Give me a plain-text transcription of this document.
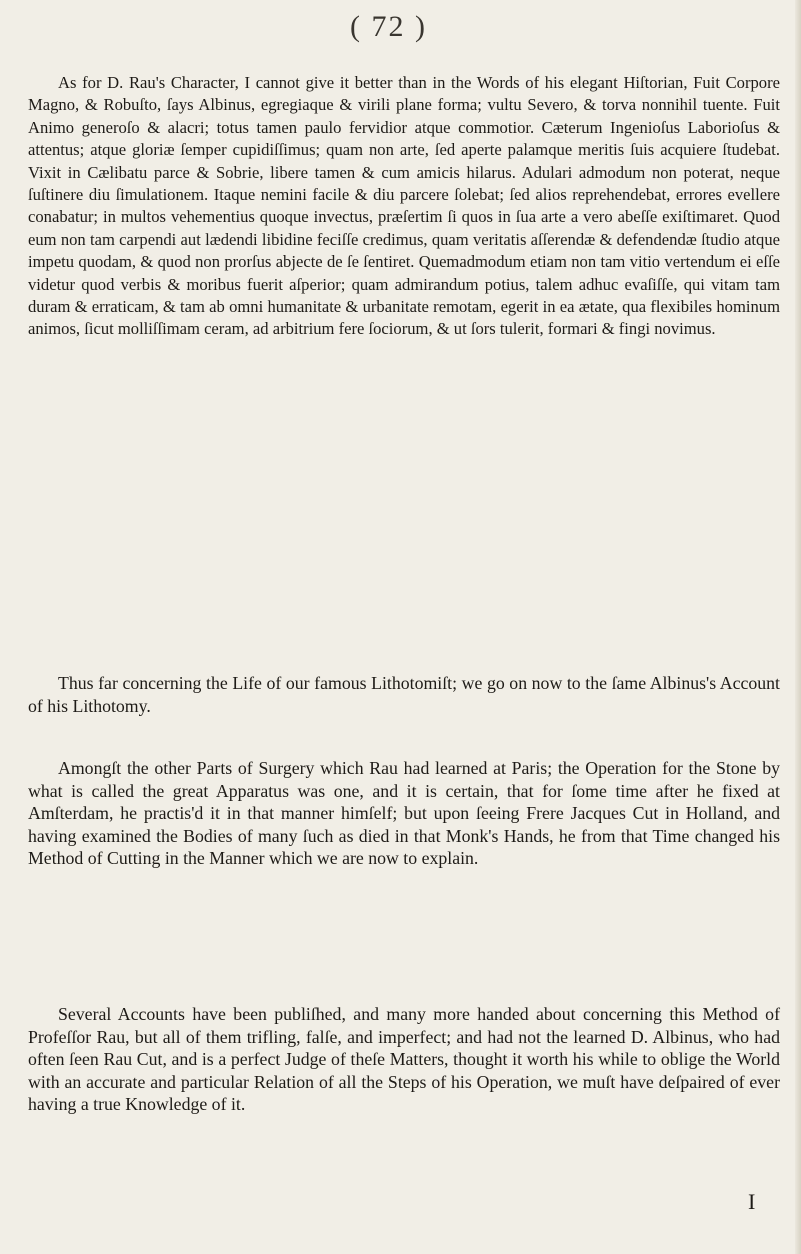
( 72 )

As for D. Rau's Character, I cannot give it better than in the Words of his elegant Hiſtorian, Fuit Corpore Magno, & Robuſto, ſays Albinus, egregiaque & virili plane forma; vultu Severo, & torva nonnihil tuente. Fuit Animo generoſo & alacri; totus tamen paulo fervidior atque commotior. Cæterum Ingenioſus Laborioſus & attentus; atque gloriæ ſemper cupidiſſimus; quam non arte, ſed aperte palamque meritis ſuis acquiere ſtudebat. Vixit in Cælibatu parce & Sobrie, libere tamen & cum amicis hilarus. Adulari admodum non poterat, neque ſuſtinere diu ſimulationem. Itaque nemini facile & diu parcere ſolebat; ſed alios reprehendebat, errores evellere conabatur; in multos vehementius quoque invectus, præſertim ſi quos in ſua arte a vero abeſſe exiſtimaret. Quod eum non tam carpendi aut lædendi libidine feciſſe credimus, quam veritatis aſſerendæ & defendendæ ſtudio atque impetu quodam, & quod non prorſus abjecte de ſe ſentiret. Quemadmodum etiam non tam vitio vertendum ei eſſe videtur quod verbis & moribus fuerit aſperior; quam admirandum potius, talem adhuc evaſiſſe, qui vitam tam duram & erraticam, & tam ab omni humanitate & urbanitate remotam, egerit in ea ætate, qua flexibiles hominum animos, ſicut molliſſimam ceram, ad arbitrium fere ſociorum, & ut ſors tulerit, formari & fingi novimus.

Thus far concerning the Life of our famous Lithotomiſt; we go on now to the ſame Albinus's Account of his Lithotomy.

Amongſt the other Parts of Surgery which Rau had learned at Paris; the Operation for the Stone by what is called the great Apparatus was one, and it is certain, that for ſome time after he fixed at Amſterdam, he practis'd it in that manner himſelf; but upon ſeeing Frere Jacques Cut in Holland, and having examined the Bodies of many ſuch as died in that Monk's Hands, he from that Time changed his Method of Cutting in the Manner which we are now to explain.

Several Accounts have been publiſhed, and many more handed about concerning this Method of Profeſſor Rau, but all of them trifling, falſe, and imperfect; and had not the learned D. Albinus, who had often ſeen Rau Cut, and is a perfect Judge of theſe Matters, thought it worth his while to oblige the World with an accurate and particular Relation of all the Steps of his Operation, we muſt have deſpaired of ever having a true Knowledge of it.

I
